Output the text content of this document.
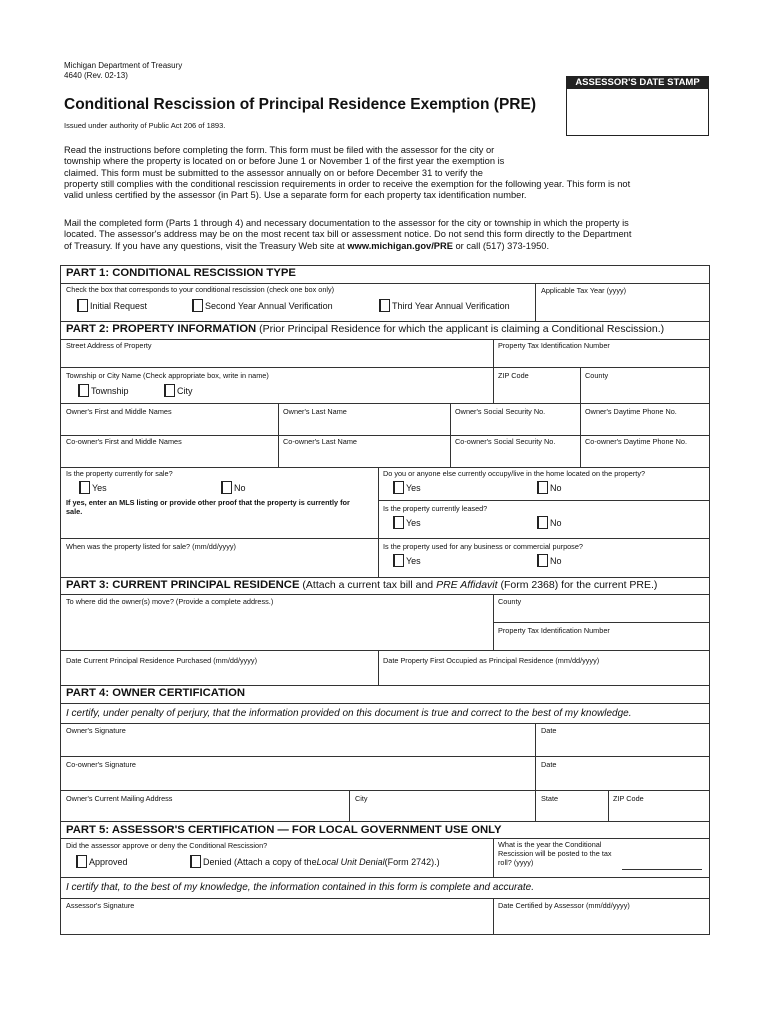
Michigan Department of Treasury
4640 (Rev. 02-13)
ASSESSOR'S DATE STAMP
Conditional Rescission of Principal Residence Exemption (PRE)
Issued under authority of Public Act 206 of 1893.
Read the instructions before completing the form. This form must be filed with the assessor for the city or
township where the property is located on or before June 1 or November 1 of the first year the exemption is
claimed. This form must be submitted to the assessor annually on or before December 31 to verify the
property still complies with the conditional rescission requirements in order to receive the exemption for the following year. This form is not
valid unless certified by the assessor (in Part 5). Use a separate form for each property tax identification number.
Mail the completed form (Parts 1 through 4) and necessary documentation to the assessor for the city or township in which the property is
located. The assessor's address may be on the most recent tax bill or assessment notice. Do not send this form directly to the Department
of Treasury. If you have any questions, visit the Treasury Web site at www.michigan.gov/PRE or call (517) 373-1950.
PART 1: CONDITIONAL RESCISSION TYPE
Check the box that corresponds to your conditional rescission (check one box only)	Applicable Tax Year (yyyy)
Initial Request	Second Year Annual Verification	Third Year Annual Verification
PART 2: PROPERTY INFORMATION (Prior Principal Residence for which the applicant is claiming a Conditional Rescission.)
Street Address of Property	Property Tax Identification Number
Township or City Name (Check appropriate box, write in name)
Township	City
ZIP Code	County
Owner's First and Middle Names	Owner's Last Name	Owner's Social Security No.	Owner's Daytime Phone No.
Co-owner's First and Middle Names	Co-owner's Last Name	Co-owner's Social Security No.	Co-owner's Daytime Phone No.
Is the property currently for sale?
Yes	No
If yes, enter an MLS listing or provide other proof that the property is currently for sale.
Do you or anyone else currently occupy/live in the home located on the property?
Yes	No
Is the property currently leased?
Yes	No
When was the property listed for sale? (mm/dd/yyyy)	Is the property used for any business or commercial purpose?
Yes	No
PART 3: CURRENT PRINCIPAL RESIDENCE (Attach a current tax bill and PRE Affidavit (Form 2368) for the current PRE.)
To where did the owner(s) move? (Provide a complete address.)	County
Property Tax Identification Number
Date Current Principal Residence Purchased (mm/dd/yyyy)	Date Property First Occupied as Principal Residence (mm/dd/yyyy)
PART 4: OWNER CERTIFICATION
I certify, under penalty of perjury, that the information provided on this document is true and correct to the best of my knowledge.
Owner's Signature	Date
Co-owner's Signature	Date
Owner's Current Mailing Address	City	State	ZIP Code
PART 5: ASSESSOR'S CERTIFICATION — FOR LOCAL GOVERNMENT USE ONLY
Did the assessor approve or deny the Conditional Rescission?
Approved	Denied (Attach a copy of the Local Unit Denial (Form 2742).)
What is the year the Conditional Rescission will be posted to the tax roll? (yyyy)
I certify that, to the best of my knowledge, the information contained in this form is complete and accurate.
Assessor's Signature	Date Certified by Assessor (mm/dd/yyyy)
